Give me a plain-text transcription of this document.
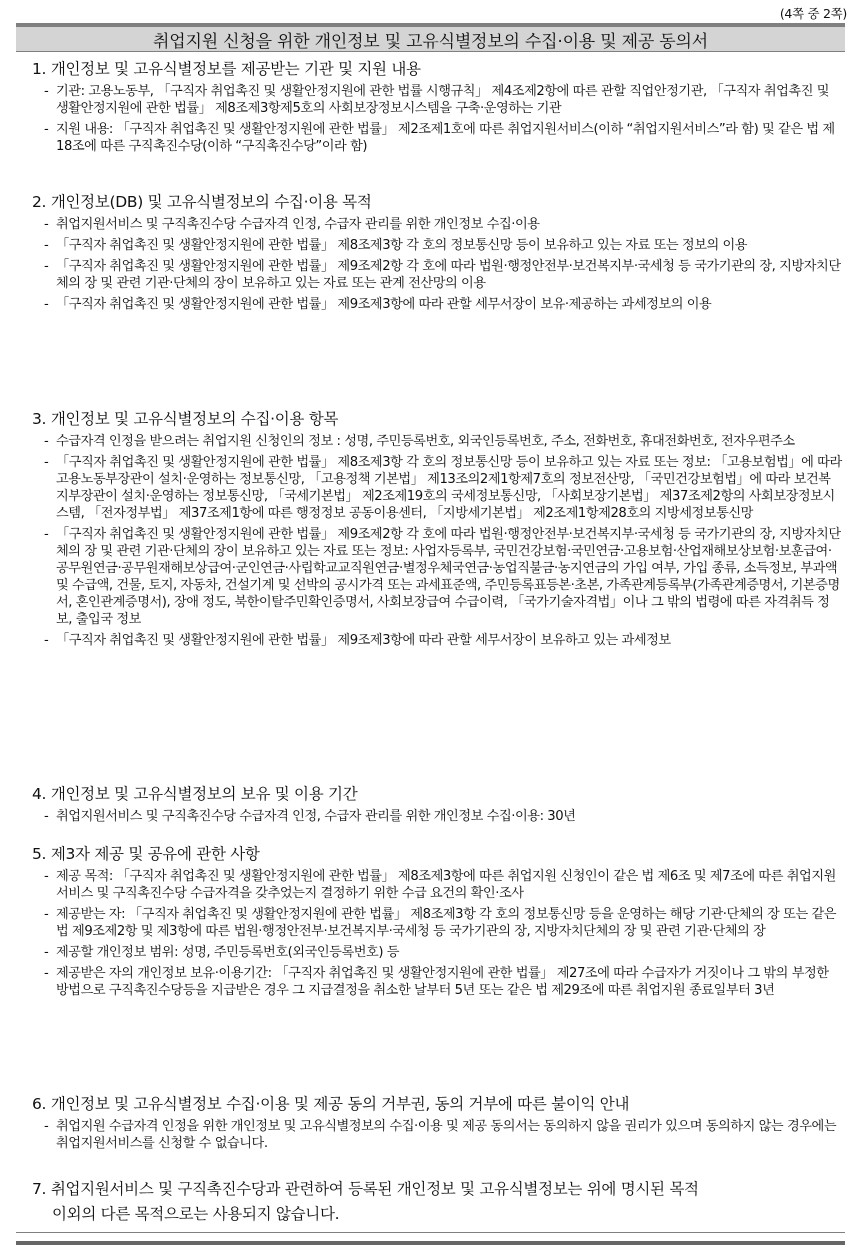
(4쪽 중 2쪽)
취업지원 신청을 위한 개인정보 및 고유식별정보의 수집·이용 및 제공 동의서
1. 개인정보 및 고유식별정보를 제공받는 기관 및 지원 내용
- 기관: 고용노동부, 「구직자 취업촉진 및 생활안정지원에 관한 법률 시행규칙」 제4조제2항에 따른 관할 직업안정기관, 「구직자 취업촉진 및 생활안정지원에 관한 법률」 제8조제3항제5호의 사회보장정보시스템을 구축·운영하는 기관
- 지원 내용: 「구직자 취업촉진 및 생활안정지원에 관한 법률」 제2조제1호에 따른 취업지원서비스(이하 “취업지원서비스”라 함) 및 같은 법 제18조에 따른 구직촉진수당(이하 “구직촉진수당”이라 함)
2. 개인정보(DB) 및 고유식별정보의 수집·이용 목적
- 취업지원서비스 및 구직촉진수당 수급자격 인정, 수급자 관리를 위한 개인정보 수집·이용
- 「구직자 취업촉진 및 생활안정지원에 관한 법률」 제8조제3항 각 호의 정보통신망 등이 보유하고 있는 자료 또는 정보의 이용
- 「구직자 취업촉진 및 생활안정지원에 관한 법률」 제9조제2항 각 호에 따라 법원·행정안전부·보건복지부·국세청 등 국가기관의 장, 지방자치단체의 장 및 관련 기관·단체의 장이 보유하고 있는 자료 또는 관계 전산망의 이용
- 「구직자 취업촉진 및 생활안정지원에 관한 법률」 제9조제3항에 따라 관할 세무서장이 보유·제공하는 과세정보의 이용
3. 개인정보 및 고유식별정보의 수집·이용 항목
- 수급자격 인정을 받으려는 취업지원 신청인의 정보 : 성명, 주민등록번호, 외국인등록번호, 주소, 전화번호, 휴대전화번호, 전자우편주소
- 「구직자 취업촉진 및 생활안정지원에 관한 법률」 제8조제3항 각 호의 정보통신망 등이 보유하고 있는 자료 또는 정보: 「고용보험법」에 따라 고용노동부장관이 설치·운영하는 정보통신망, 「고용정책 기본법」 제13조의2제1항제7호의 정보전산망, 「국민건강보험법」에 따라 보건복지부장관이 설치·운영하는 정보통신망, 「국세기본법」 제2조제19호의 국세정보통신망, 「사회보장기본법」 제37조제2항의 사회보장정보시스템, 「전자정부법」 제37조제1항에 따른 행정정보 공동이용센터, 「지방세기본법」 제2조제1항제28호의 지방세정보통신망
- 「구직자 취업촉진 및 생활안정지원에 관한 법률」 제9조제2항 각 호에 따라 법원·행정안전부·보건복지부·국세청 등 국가기관의 장, 지방자치단체의 장 및 관련 기관·단체의 장이 보유하고 있는 자료 또는 정보: 사업자등록부, 국민건강보험·국민연금·고용보험·산업재해보상보험·보훈급여·공무원연금·공무원재해보상급여·군인연금·사립학교교직원연금·별정우체국연금·농업직불금·농지연금의 가입 여부, 가입 종류, 소득정보, 부과액 및 수급액, 건물, 토지, 자동차, 건설기계 및 선박의 공시가격 또는 과세표준액, 주민등록표등본·초본, 가족관계등록부(가족관계증명서, 기본증명서, 혼인관계증명서), 장애 정도, 북한이탈주민확인증명서, 사회보장급여 수급이력, 「국가기술자격법」이나 그 밖의 법령에 따른 자격취득 정보, 출입국 정보
- 「구직자 취업촉진 및 생활안정지원에 관한 법률」 제9조제3항에 따라 관할 세무서장이 보유하고 있는 과세정보
4. 개인정보 및 고유식별정보의 보유 및 이용 기간
- 취업지원서비스 및 구직촉진수당 수급자격 인정, 수급자 관리를 위한 개인정보 수집·이용: 30년
5. 제3자 제공 및 공유에 관한 사항
- 제공 목적: 「구직자 취업촉진 및 생활안정지원에 관한 법률」 제8조제3항에 따른 취업지원 신청인이 같은 법 제6조 및 제7조에 따른 취업지원서비스 및 구직촉진수당 수급자격을 갖추었는지 결정하기 위한 수급 요건의 확인·조사
- 제공받는 자: 「구직자 취업촉진 및 생활안정지원에 관한 법률」 제8조제3항 각 호의 정보통신망 등을 운영하는 해당 기관·단체의 장 또는 같은 법 제9조제2항 및 제3항에 따른 법원·행정안전부·보건복지부·국세청 등 국가기관의 장, 지방자치단체의 장 및 관련 기관·단체의 장
- 제공할 개인정보 범위: 성명, 주민등록번호(외국인등록번호) 등
- 제공받은 자의 개인정보 보유·이용기간: 「구직자 취업촉진 및 생활안정지원에 관한 법률」 제27조에 따라 수급자가 거짓이나 그 밖의 부정한 방법으로 구직촉진수당등을 지급받은 경우 그 지급결정을 취소한 날부터 5년 또는 같은 법 제29조에 따른 취업지원 종료일부터 3년
6. 개인정보 및 고유식별정보 수집·이용 및 제공 동의 거부권, 동의 거부에 따른 불이익 안내
- 취업지원 수급자격 인정을 위한 개인정보 및 고유식별정보의 수집·이용 및 제공 동의서는 동의하지 않을 권리가 있으며 동의하지 않는 경우에는 취업지원서비스를 신청할 수 없습니다.
7. 취업지원서비스 및 구직촉진수당과 관련하여 등록된 개인정보 및 고유식별정보는 위에 명시된 목적
이외의 다른 목적으로는 사용되지 않습니다.
